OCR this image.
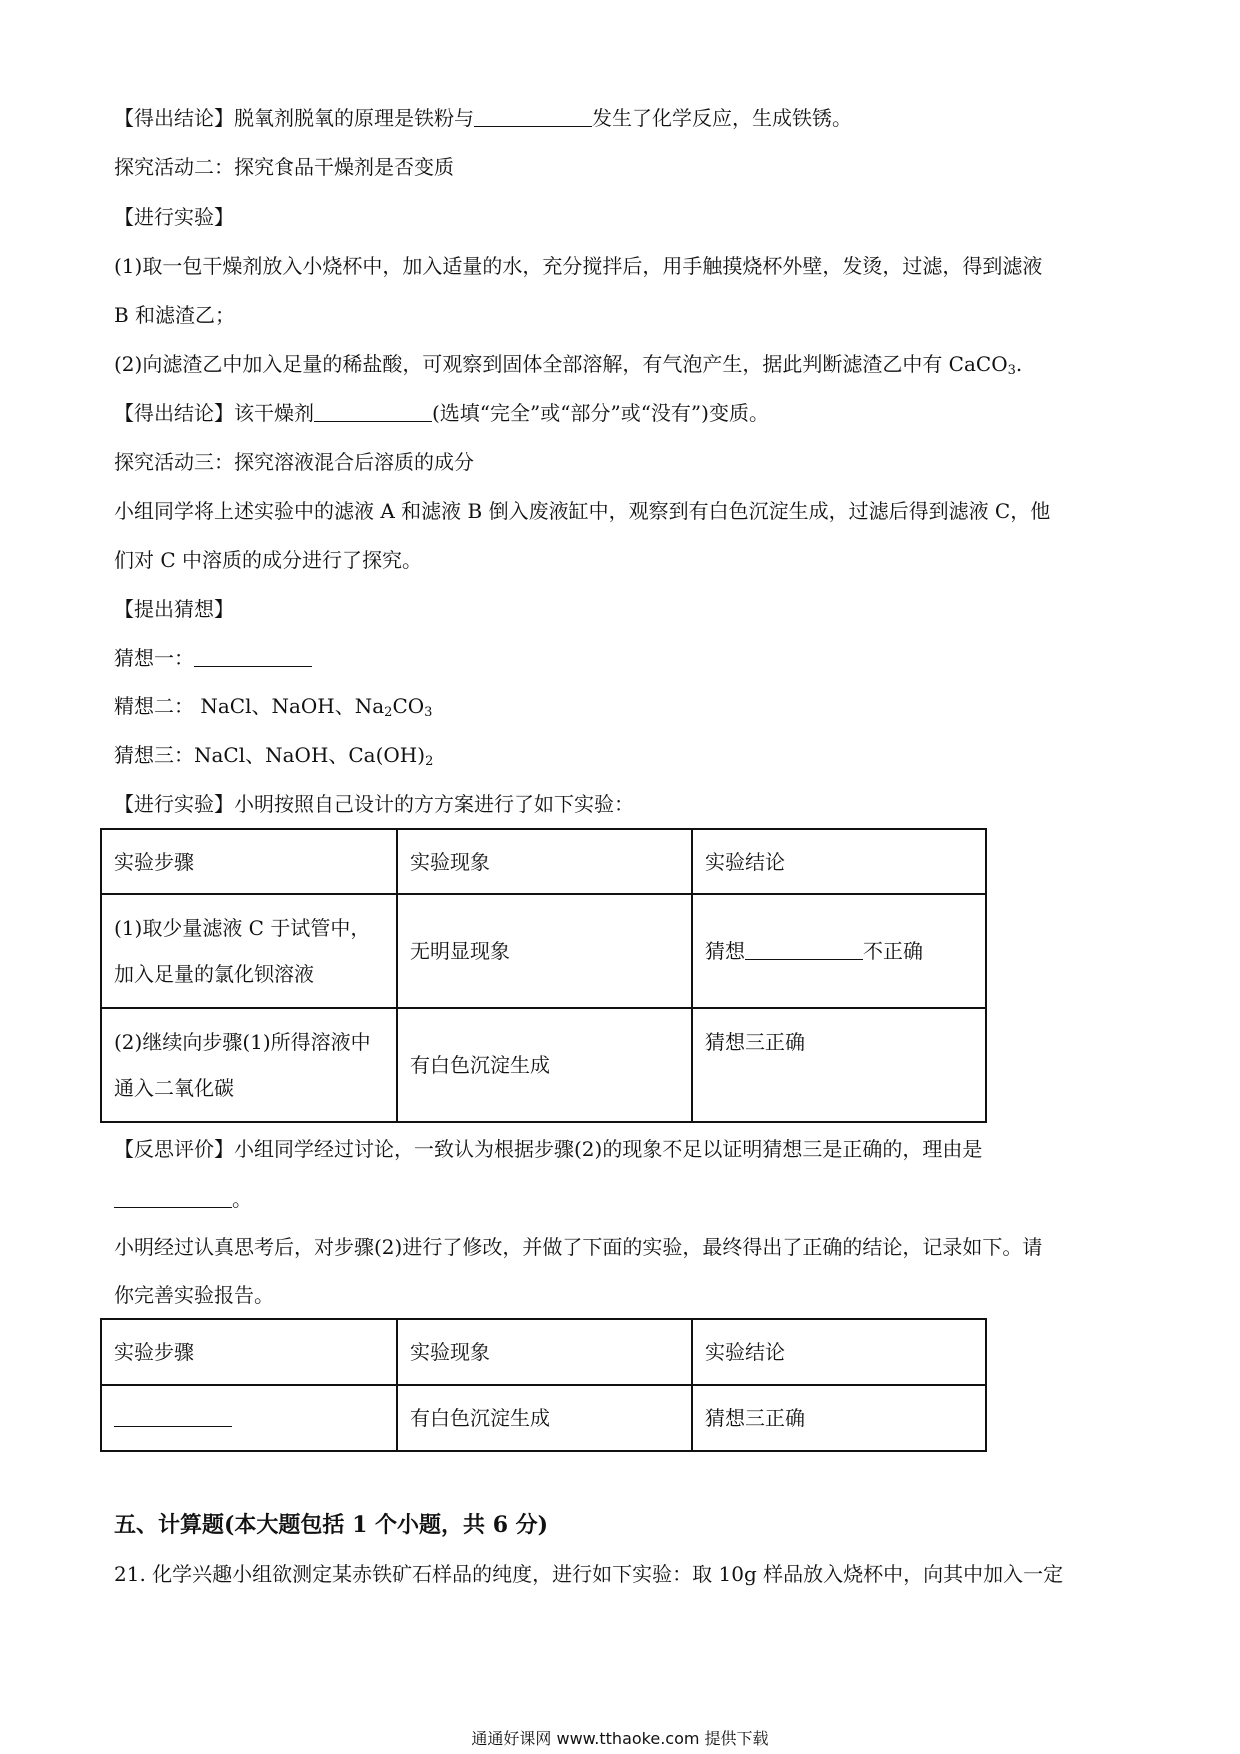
【得出结论】脱氧剂脱氧的原理是铁粉与	发生了化学反应，生成铁锈。
探究活动二：探究食品干燥剂是否变质
【进行实验】
(1)取一包干燥剂放入小烧杯中，加入适量的水，充分搅拌后，用手触摸烧杯外壁，发烫，过滤，得到滤液
B 和滤渣乙；
(2)向滤渣乙中加入足量的稀盐酸，可观察到固体全部溶解，有气泡产生，据此判断滤渣乙中有 CaCO$_3$.
【得出结论】该干燥剂	(选填“完全”或“部分”或“没有”)变质。
探究活动三：探究溶液混合后溶质的成分
小组同学将上述实验中的滤液 A 和滤液 B 倒入废液缸中，观察到有白色沉淀生成，过滤后得到滤液 C，他
们对 C 中溶质的成分进行了探究。
【提出猜想】
猜想一：
精想二： NaCl、NaOH、$Na_2CO_3$
猜想三：NaCl、NaOH、$Ca(OH)_2$
【进行实验】小明按照自己设计的方方案进行了如下实验：
实验步骤	实验现象	实验结论

(1)取少量滤液 C 于试管中，
加入足量的氯化钡溶液	无明显现象	猜想 不正确

(2)继续向步骤(1)所得溶液中
通入二氧化碳	有白色沉淀生成	猜想三正确
【反思评价】小组同学经过讨论，一致认为根据步骤(2)的现象不足以证明猜想三是正确的，理由是
。
小明经过认真思考后，对步骤(2)进行了修改，并做了下面的实验，最终得出了正确的结论，记录如下。请
你完善实验报告。
实验步骤	实验现象	实验结论
	有白色沉淀生成	猜想三正确
五、计算题(本大题包括 1 个小题，共 6 分)
21. 化学兴趣小组欲测定某赤铁矿石样品的纯度，进行如下实验：取 10g 样品放入烧杯中，向其中加入一定
通通好课网 www.tthaoke.com 提供下载
